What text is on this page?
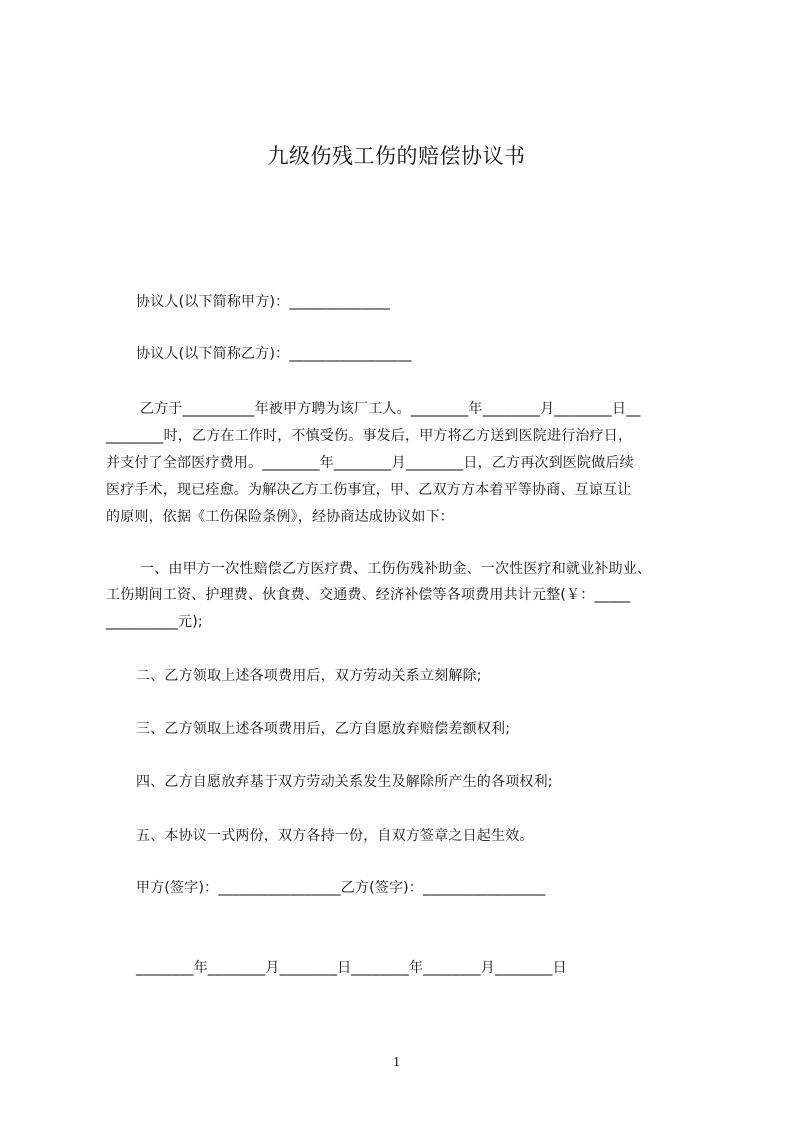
九级伤残工伤的赔偿协议书
协议人(以下简称甲方)：______________
协议人(以下简称乙方)：_________________
乙方于__________年被甲方聘为该厂工人。________年________月________日__
________时，乙方在工作时，不慎受伤。事发后，甲方将乙方送到医院进行治疗日，
并支付了全部医疗费用。________年________月________日，乙方再次到医院做后续
医疗手术，现已痊愈。为解决乙方工伤事宜，甲、乙双方方本着平等协商、互谅互让
的原则，依据《工伤保险条例》，经协商达成协议如下：
一、由甲方一次性赔偿乙方医疗费、工伤伤残补助金、一次性医疗和就业补助业、
工伤期间工资、护理费、伙食费、交通费、经济补偿等各项费用共计元整(￥：_____
__________元);
二、乙方领取上述各项费用后，双方劳动关系立刻解除;
三、乙方领取上述各项费用后，乙方自愿放弃赔偿差额权利;
四、乙方自愿放弃基于双方劳动关系发生及解除所产生的各项权利;
五、本协议一式两份，双方各持一份，自双方签章之日起生效。
甲方(签字)：_________________乙方(签字)：_________________
________年________月________日________年________月________日
1
